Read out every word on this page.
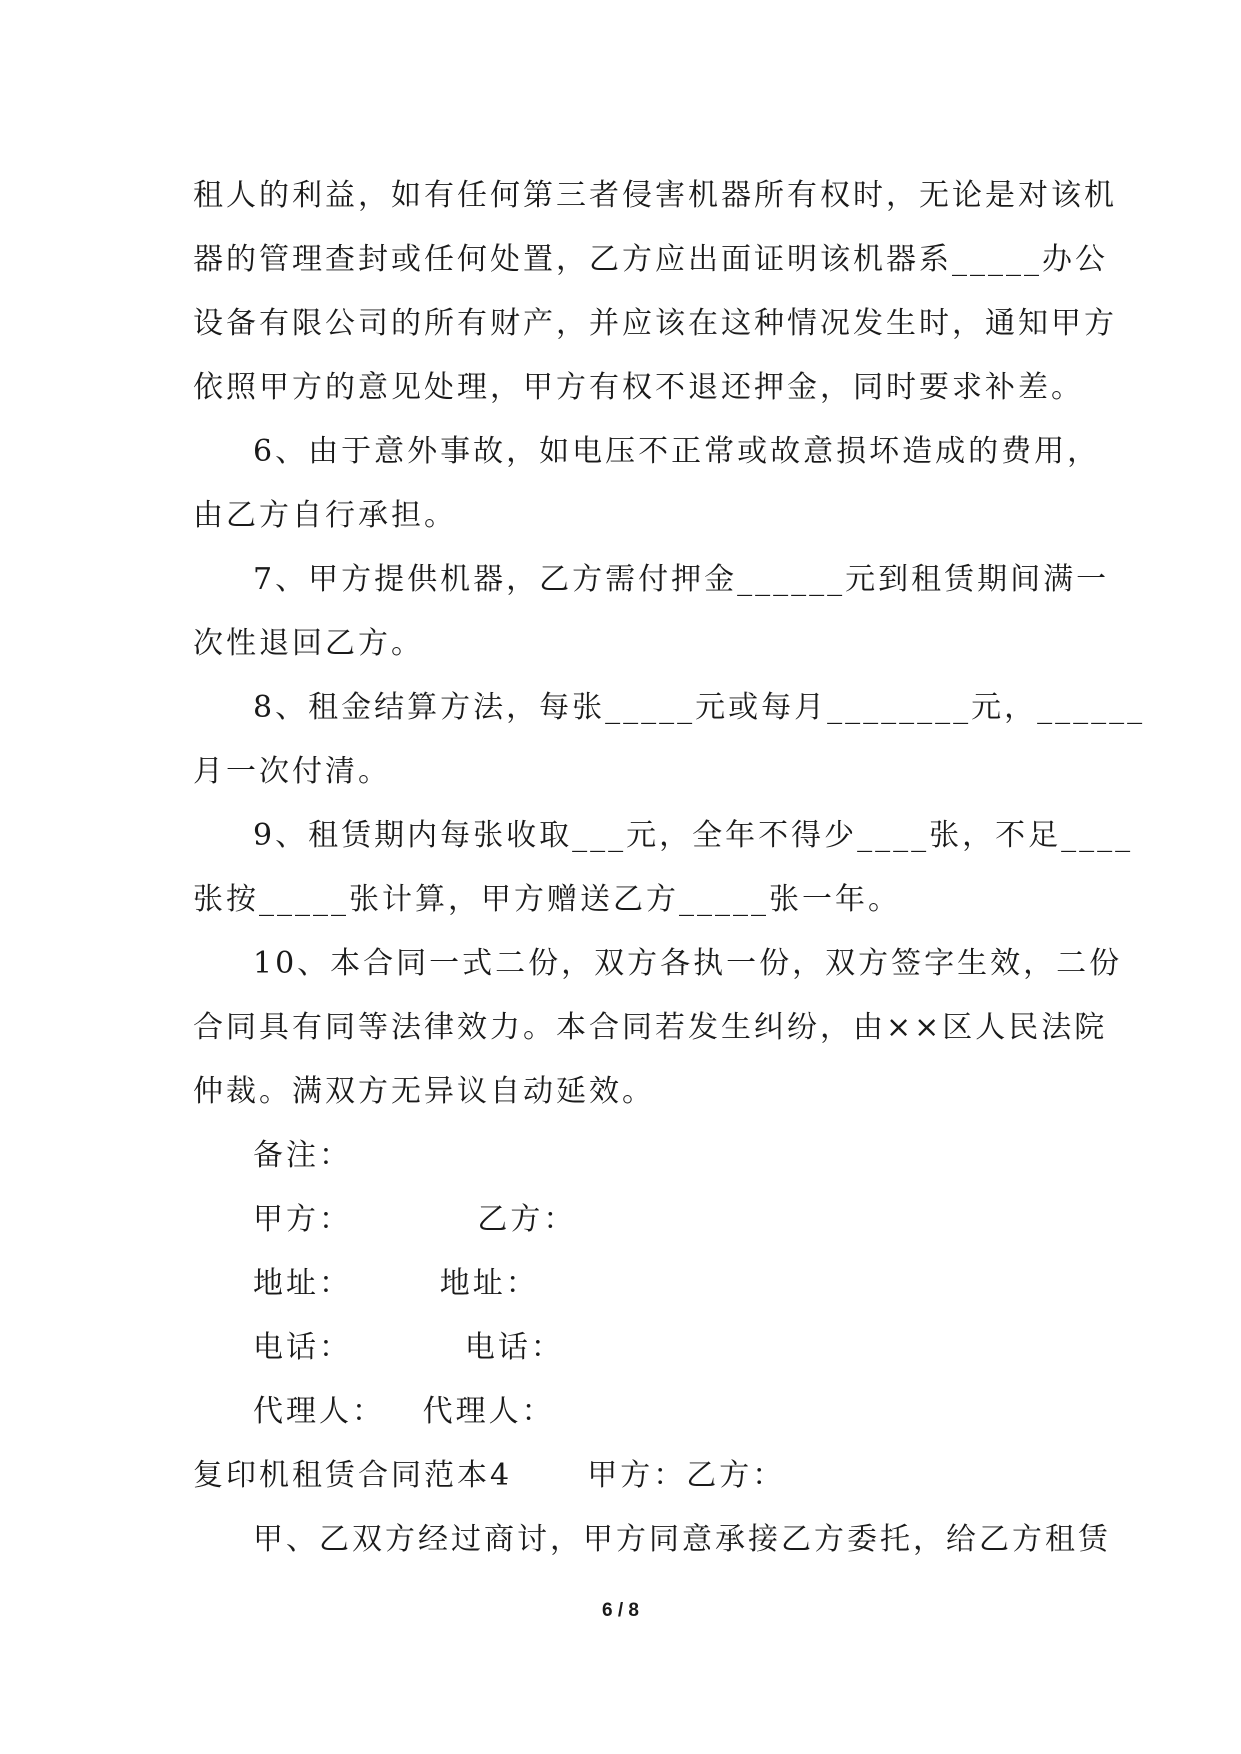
租人的利益，如有任何第三者侵害机器所有权时，无论是对该机
器的管理查封或任何处置，乙方应出面证明该机器系_____办公
设备有限公司的所有财产，并应该在这种情况发生时，通知甲方
依照甲方的意见处理，甲方有权不退还押金，同时要求补差。
6、由于意外事故，如电压不正常或故意损坏造成的费用，
由乙方自行承担。
7、甲方提供机器，乙方需付押金______元到租赁期间满一
次性退回乙方。
8、租金结算方法，每张_____元或每月________元，______
月一次付清。
9、租赁期内每张收取___元，全年不得少____张，不足____
张按_____张计算，甲方赠送乙方_____张一年。
10、本合同一式二份，双方各执一份，双方签字生效，二份
合同具有同等法律效力。本合同若发生纠纷，由××区人民法院
仲裁。满双方无异议自动延效。
备注：
甲方：          乙方：
地址：       地址：
电话：         电话：
代理人：   代理人：
复印机租赁合同范本4      甲方：乙方：
甲、乙双方经过商讨，甲方同意承接乙方委托，给乙方租赁
6 / 8
